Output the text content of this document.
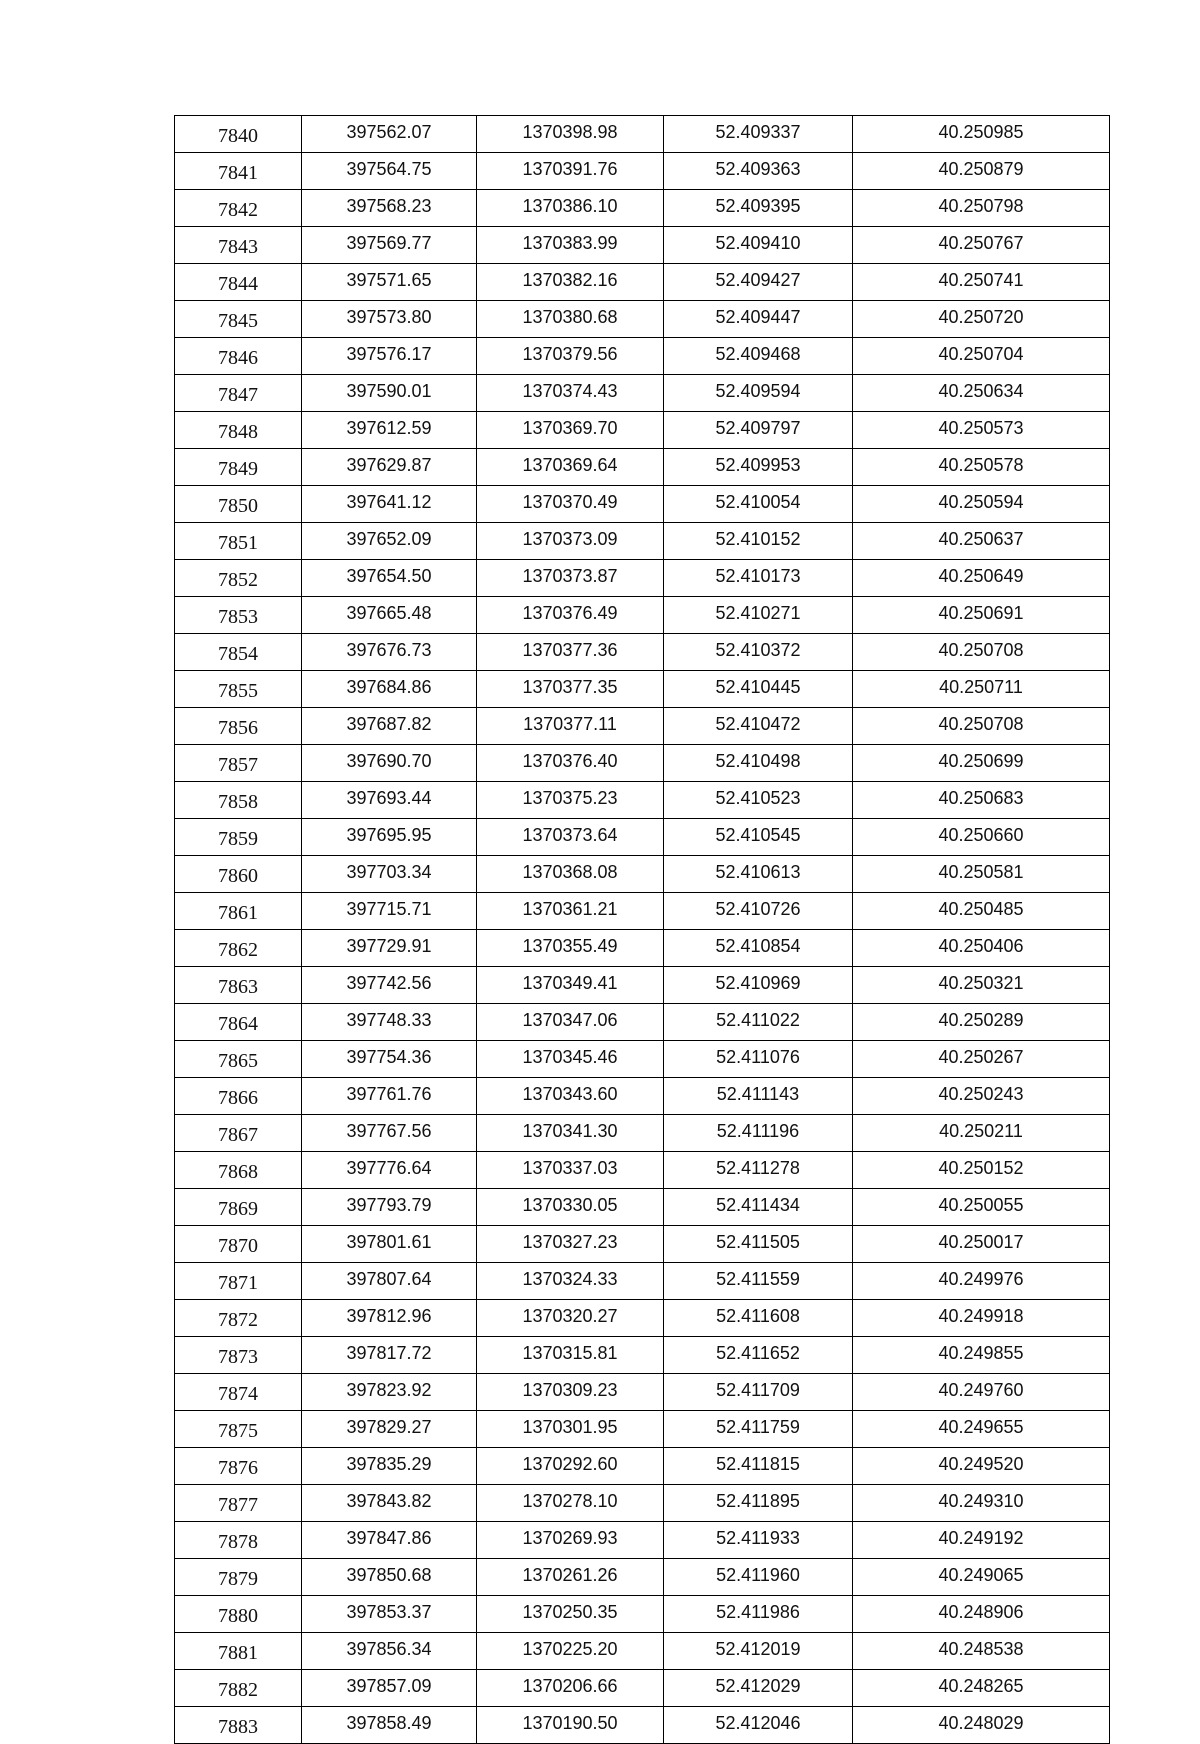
7840	397562.07	1370398.98	52.409337	40.250985
7841	397564.75	1370391.76	52.409363	40.250879
7842	397568.23	1370386.10	52.409395	40.250798
7843	397569.77	1370383.99	52.409410	40.250767
7844	397571.65	1370382.16	52.409427	40.250741
7845	397573.80	1370380.68	52.409447	40.250720
7846	397576.17	1370379.56	52.409468	40.250704
7847	397590.01	1370374.43	52.409594	40.250634
7848	397612.59	1370369.70	52.409797	40.250573
7849	397629.87	1370369.64	52.409953	40.250578
7850	397641.12	1370370.49	52.410054	40.250594
7851	397652.09	1370373.09	52.410152	40.250637
7852	397654.50	1370373.87	52.410173	40.250649
7853	397665.48	1370376.49	52.410271	40.250691
7854	397676.73	1370377.36	52.410372	40.250708
7855	397684.86	1370377.35	52.410445	40.250711
7856	397687.82	1370377.11	52.410472	40.250708
7857	397690.70	1370376.40	52.410498	40.250699
7858	397693.44	1370375.23	52.410523	40.250683
7859	397695.95	1370373.64	52.410545	40.250660
7860	397703.34	1370368.08	52.410613	40.250581
7861	397715.71	1370361.21	52.410726	40.250485
7862	397729.91	1370355.49	52.410854	40.250406
7863	397742.56	1370349.41	52.410969	40.250321
7864	397748.33	1370347.06	52.411022	40.250289
7865	397754.36	1370345.46	52.411076	40.250267
7866	397761.76	1370343.60	52.411143	40.250243
7867	397767.56	1370341.30	52.411196	40.250211
7868	397776.64	1370337.03	52.411278	40.250152
7869	397793.79	1370330.05	52.411434	40.250055
7870	397801.61	1370327.23	52.411505	40.250017
7871	397807.64	1370324.33	52.411559	40.249976
7872	397812.96	1370320.27	52.411608	40.249918
7873	397817.72	1370315.81	52.411652	40.249855
7874	397823.92	1370309.23	52.411709	40.249760
7875	397829.27	1370301.95	52.411759	40.249655
7876	397835.29	1370292.60	52.411815	40.249520
7877	397843.82	1370278.10	52.411895	40.249310
7878	397847.86	1370269.93	52.411933	40.249192
7879	397850.68	1370261.26	52.411960	40.249065
7880	397853.37	1370250.35	52.411986	40.248906
7881	397856.34	1370225.20	52.412019	40.248538
7882	397857.09	1370206.66	52.412029	40.248265
7883	397858.49	1370190.50	52.412046	40.248029
